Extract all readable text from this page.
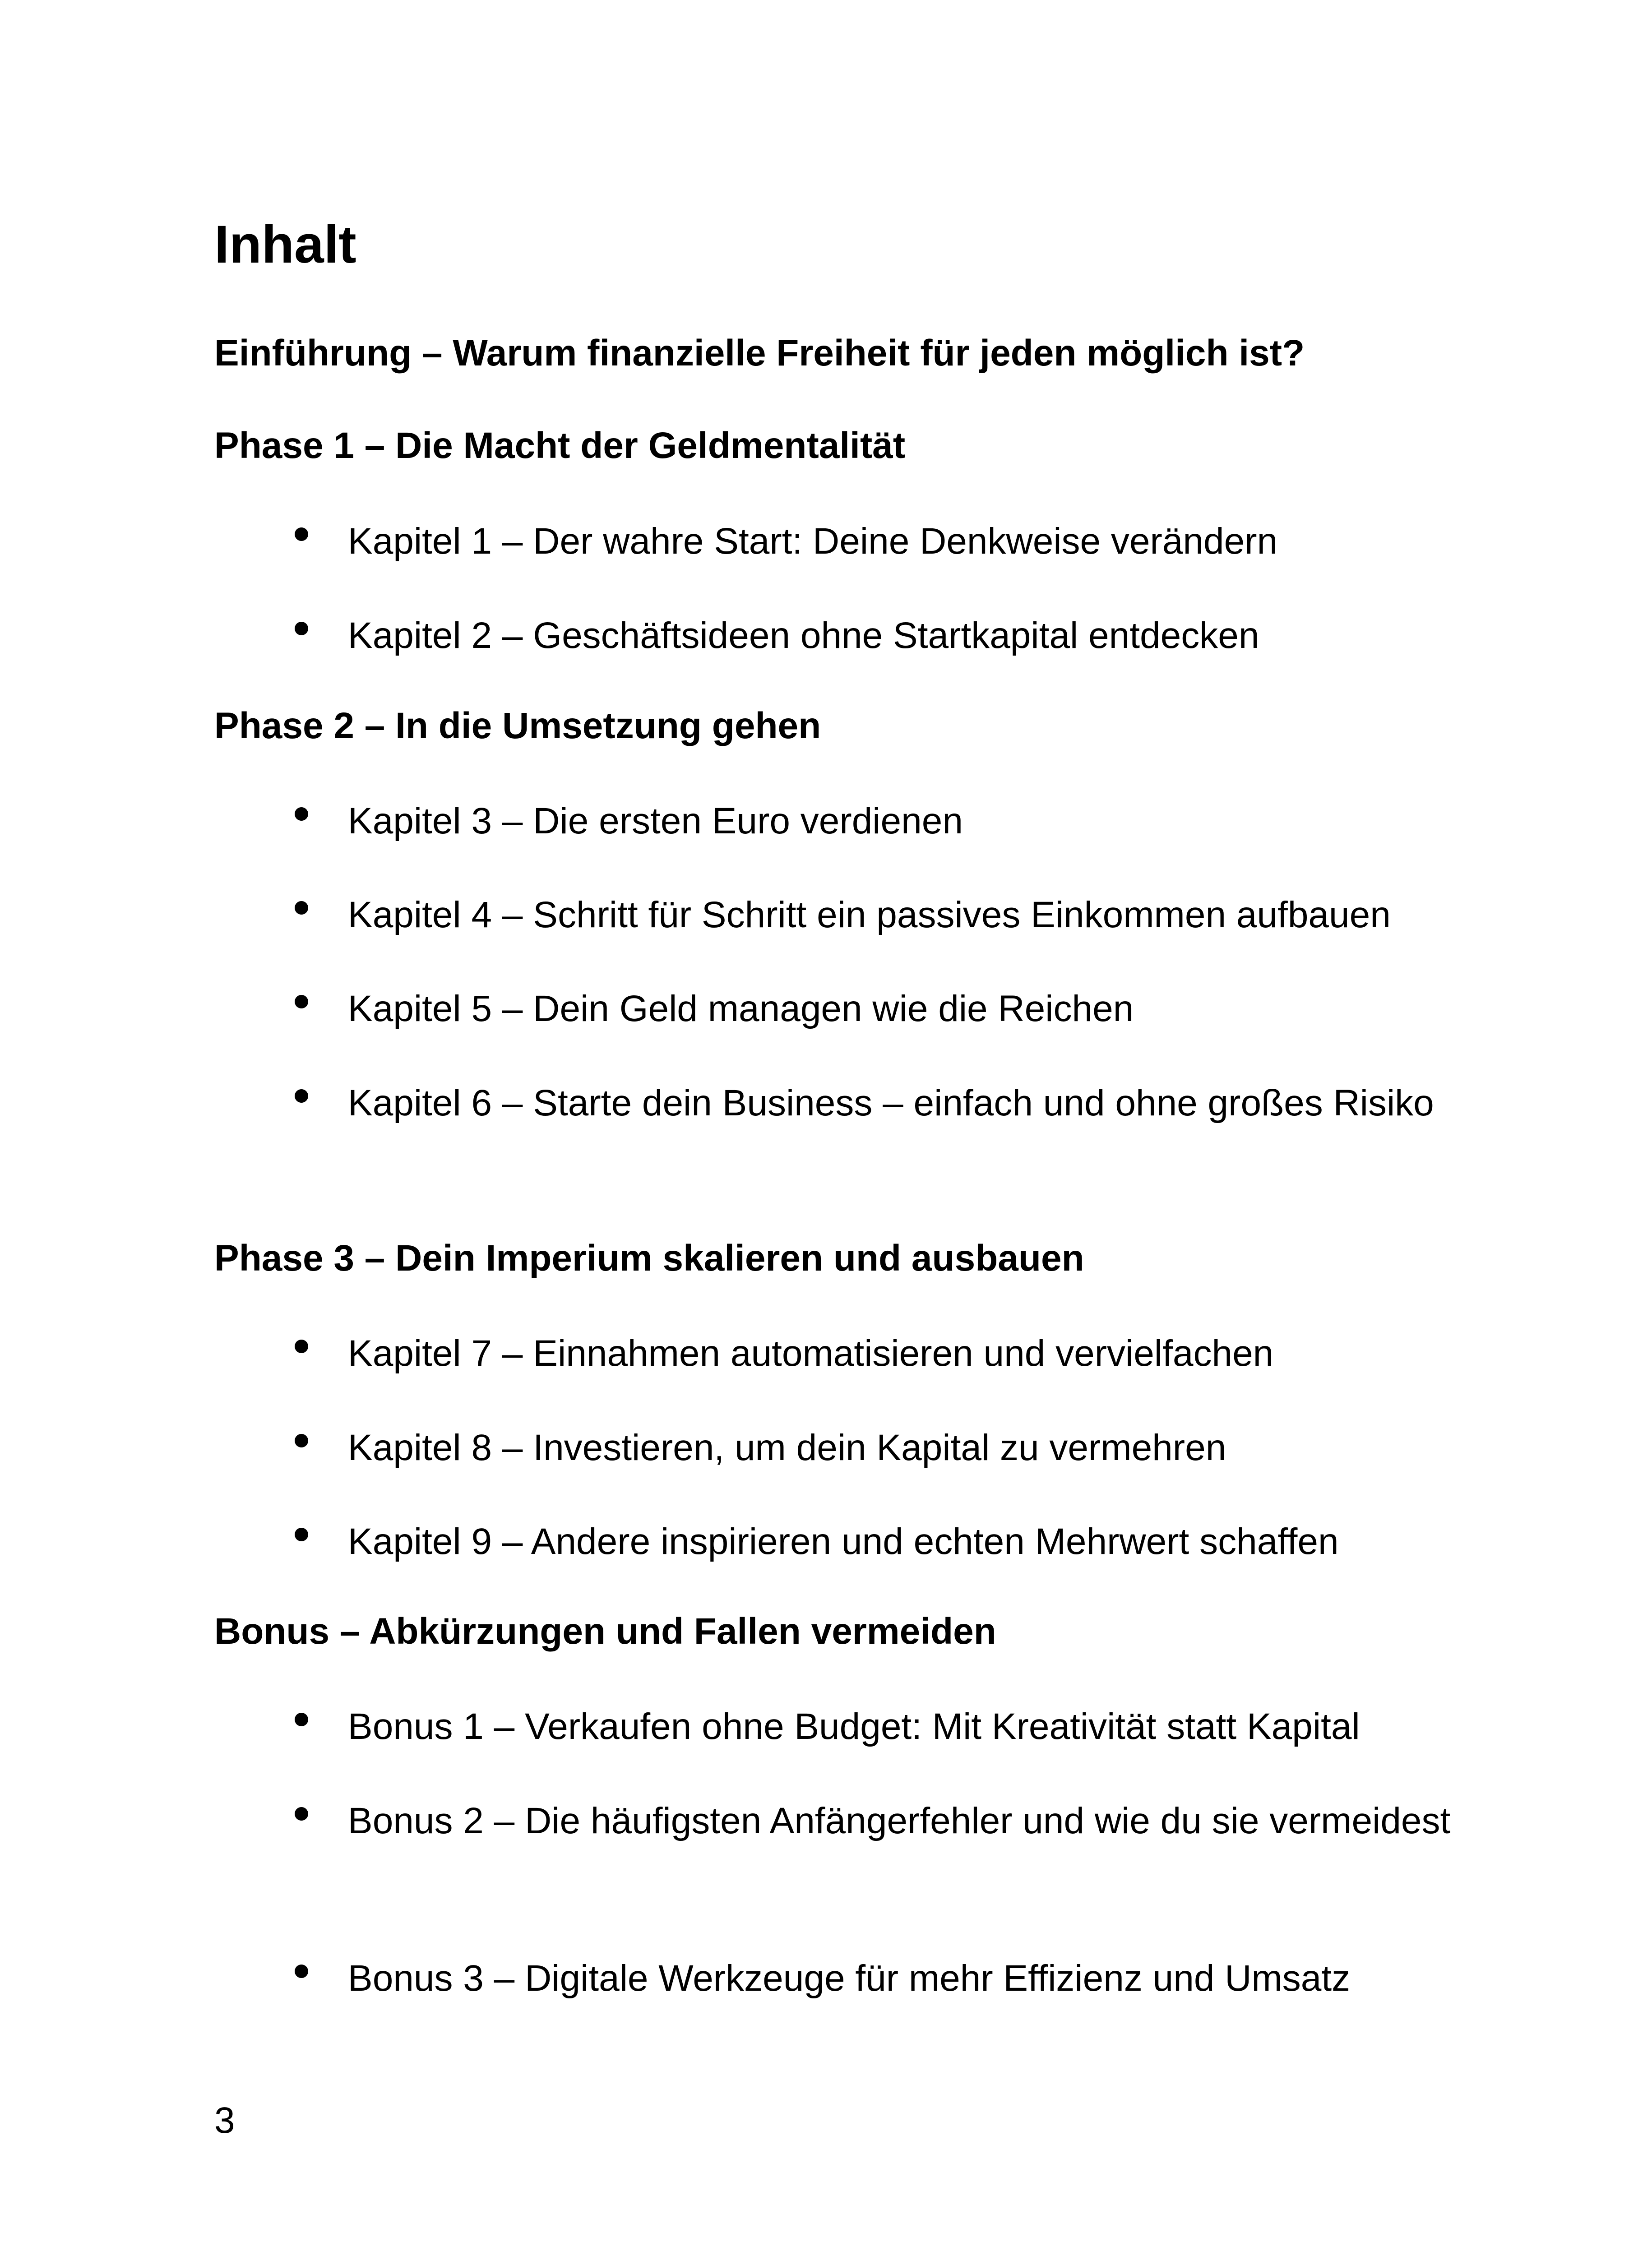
Inhalt
Einführung – Warum finanzielle Freiheit für jeden möglich ist?
Phase 1 – Die Macht der Geldmentalität

Kapitel 1 – Der wahre Start: Deine Denkweise verändern

Kapitel 2 – Geschäftsideen ohne Startkapital entdecken

Phase 2 – In die Umsetzung gehen

Kapitel 3 – Die ersten Euro verdienen

Kapitel 4 – Schritt für Schritt ein passives Einkommen aufbauen

Kapitel 5 – Dein Geld managen wie die Reichen

Kapitel 6 – Starte dein Business – einfach und ohne großes Risiko

Phase 3 – Dein Imperium skalieren und ausbauen

Kapitel 7 – Einnahmen automatisieren und vervielfachen

Kapitel 8 – Investieren, um dein Kapital zu vermehren

Kapitel 9 – Andere inspirieren und echten Mehrwert schaffen

Bonus – Abkürzungen und Fallen vermeiden

Bonus 1 – Verkaufen ohne Budget: Mit Kreativität statt Kapital

Bonus 2 – Die häufigsten Anfängerfehler und wie du sie vermeidest

Bonus 3 – Digitale Werkzeuge für mehr Effizienz und Umsatz

3
